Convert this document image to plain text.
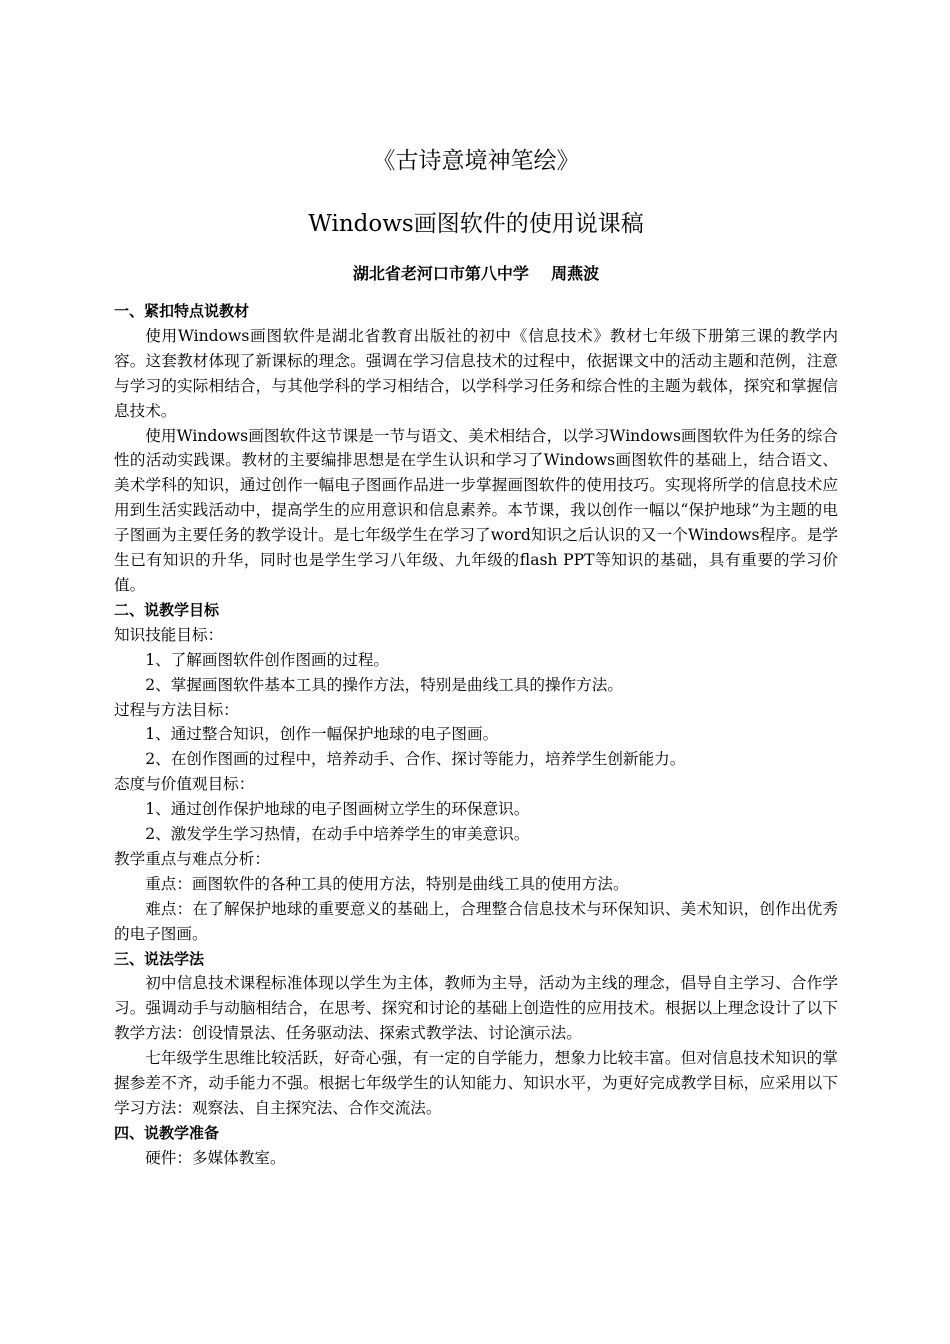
《古诗意境神笔绘》
Windows画图软件的使用说课稿
湖北省老河口市第八中学    周燕波
一、紧扣特点说教材

使用Windows画图软件是湖北省教育出版社的初中《信息技术》教材七年级下册第三课的教学内容。这套教材体现了新课标的理念。强调在学习信息技术的过程中，依据课文中的活动主题和范例，注意与学习的实际相结合，与其他学科的学习相结合，以学科学习任务和综合性的主题为载体，探究和掌握信息技术。

使用Windows画图软件这节课是一节与语文、美术相结合，以学习Windows画图软件为任务的综合性的活动实践课。教材的主要编排思想是在学生认识和学习了Windows画图软件的基础上，结合语文、美术学科的知识，通过创作一幅电子图画作品进一步掌握画图软件的使用技巧。实现将所学的信息技术应用到生活实践活动中，提高学生的应用意识和信息素养。本节课，我以创作一幅以“保护地球”为主题的电子图画为主要任务的教学设计。是七年级学生在学习了word知识之后认识的又一个Windows程序。是学生已有知识的升华，同时也是学生学习八年级、九年级的flash PPT等知识的基础，具有重要的学习价值。

二、说教学目标

知识技能目标：

1、了解画图软件创作图画的过程。

2、掌握画图软件基本工具的操作方法，特别是曲线工具的操作方法。

过程与方法目标：

1、通过整合知识，创作一幅保护地球的电子图画。

2、在创作图画的过程中，培养动手、合作、探讨等能力，培养学生创新能力。

态度与价值观目标：

1、通过创作保护地球的电子图画树立学生的环保意识。

2、激发学生学习热情，在动手中培养学生的审美意识。

教学重点与难点分析：

重点：画图软件的各种工具的使用方法，特别是曲线工具的使用方法。

难点：在了解保护地球的重要意义的基础上，合理整合信息技术与环保知识、美术知识，创作出优秀的电子图画。

三、说法学法

初中信息技术课程标准体现以学生为主体，教师为主导，活动为主线的理念，倡导自主学习、合作学习。强调动手与动脑相结合，在思考、探究和讨论的基础上创造性的应用技术。根据以上理念设计了以下教学方法：创设情景法、任务驱动法、探索式教学法、讨论演示法。

七年级学生思维比较活跃，好奇心强，有一定的自学能力，想象力比较丰富。但对信息技术知识的掌握参差不齐，动手能力不强。根据七年级学生的认知能力、知识水平，为更好完成教学目标，应采用以下学习方法：观察法、自主探究法、合作交流法。

四、说教学准备

硬件：多媒体教室。
